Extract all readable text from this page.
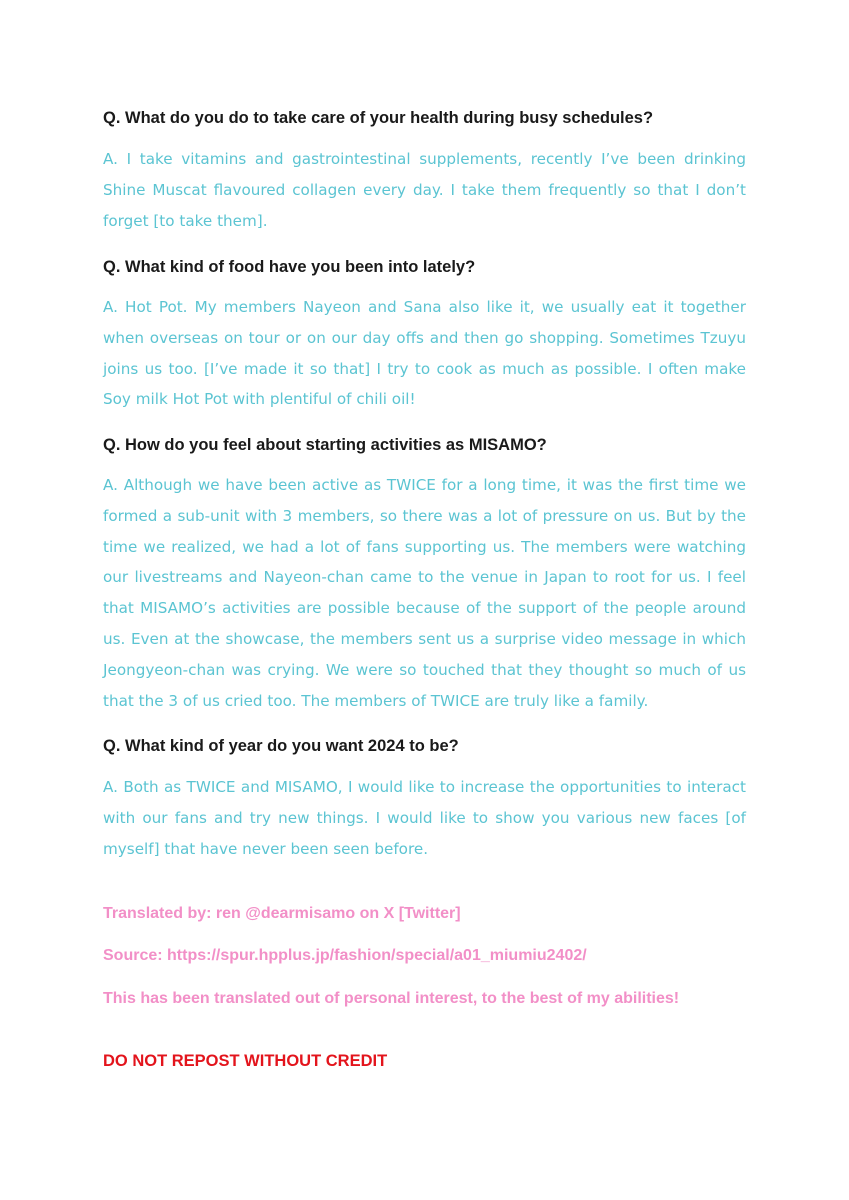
Q. What do you do to take care of your health during busy schedules?
A. I take vitamins and gastrointestinal supplements, recently I’ve been drinking Shine Muscat flavoured collagen every day. I take them frequently so that I don’t forget [to take them].
Q. What kind of food have you been into lately?
A. Hot Pot. My members Nayeon and Sana also like it, we usually eat it together when overseas on tour or on our day offs and then go shopping. Sometimes Tzuyu joins us too. [I’ve made it so that] I try to cook as much as possible. I often make Soy milk Hot Pot with plentiful of chili oil!
Q. How do you feel about starting activities as MISAMO?
A. Although we have been active as TWICE for a long time, it was the first time we formed a sub-unit with 3 members, so there was a lot of pressure on us. But by the time we realized, we had a lot of fans supporting us. The members were watching our livestreams and Nayeon-chan came to the venue in Japan to root for us. I feel that MISAMO’s activities are possible because of the support of the people around us. Even at the showcase, the members sent us a surprise video message in which Jeongyeon-chan was crying. We were so touched that they thought so much of us that the 3 of us cried too. The members of TWICE are truly like a family.
Q. What kind of year do you want 2024 to be?
A. Both as TWICE and MISAMO, I would like to increase the opportunities to interact with our fans and try new things. I would like to show you various new faces [of myself] that have never been seen before.
Translated by: ren @dearmisamo on X [Twitter]
Source: https://spur.hpplus.jp/fashion/special/a01_miumiu2402/
This has been translated out of personal interest, to the best of my abilities!
DO NOT REPOST WITHOUT CREDIT
